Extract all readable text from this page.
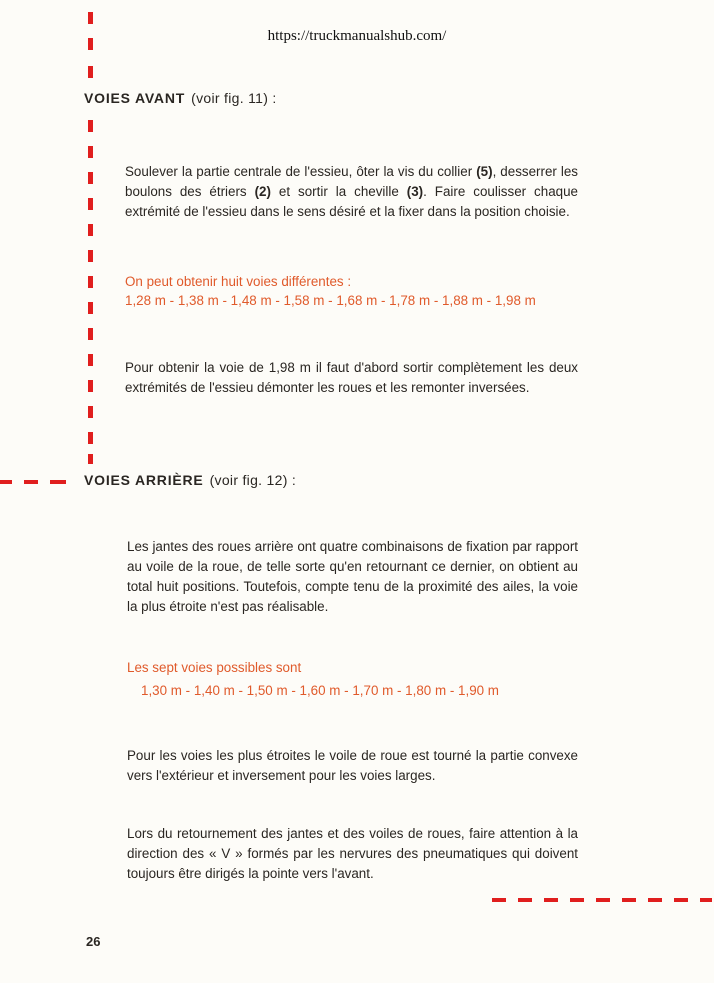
https://truckmanualshub.com/
VOIES AVANT (voir fig. 11) :
Soulever la partie centrale de l'essieu, ôter la vis du collier (5), desserrer les boulons des étriers (2) et sortir la cheville (3). Faire coulisser chaque extrémité de l'essieu dans le sens désiré et la fixer dans la position choisie.
On peut obtenir huit voies différentes :
1,28 m - 1,38 m - 1,48 m - 1,58 m - 1,68 m - 1,78 m - 1,88 m - 1,98 m
Pour obtenir la voie de 1,98 m il faut d'abord sortir complètement les deux extrémités de l'essieu démonter les roues et les remonter inversées.
VOIES ARRIÈRE (voir fig. 12) :
Les jantes des roues arrière ont quatre combinaisons de fixation par rapport au voile de la roue, de telle sorte qu'en retournant ce dernier, on obtient au total huit positions. Toutefois, compte tenu de la proximité des ailes, la voie la plus étroite n'est pas réalisable.
Les sept voies possibles sont
1,30 m - 1,40 m - 1,50 m - 1,60 m - 1,70 m - 1,80 m - 1,90 m
Pour les voies les plus étroites le voile de roue est tourné la partie convexe vers l'extérieur et inversement pour les voies larges.
Lors du retournement des jantes et des voiles de roues, faire attention à la direction des « V » formés par les nervures des pneumatiques qui doivent toujours être dirigés la pointe vers l'avant.
26
